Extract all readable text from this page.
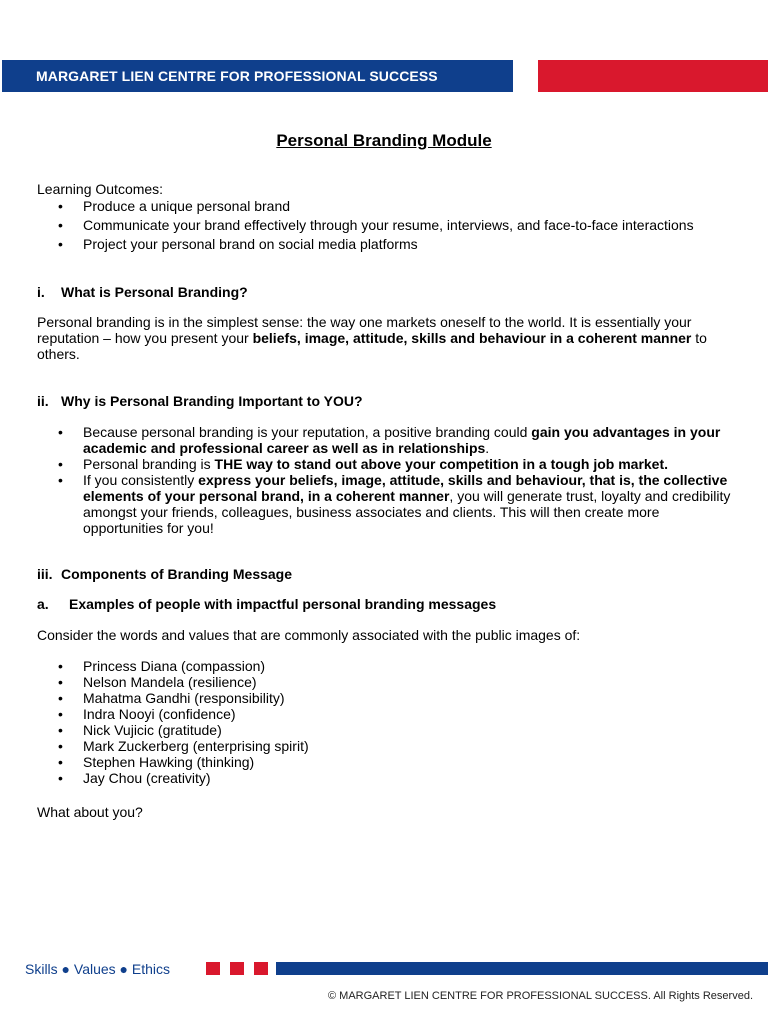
MARGARET LIEN CENTRE FOR PROFESSIONAL SUCCESS
Personal Branding Module
Learning Outcomes:
• Produce a unique personal brand
• Communicate your brand effectively through your resume, interviews, and face-to-face interactions
• Project your personal brand on social media platforms
i. What is Personal Branding?
Personal branding is in the simplest sense: the way one markets oneself to the world. It is essentially your reputation – how you present your beliefs, image, attitude, skills and behaviour in a coherent manner to others.
ii. Why is Personal Branding Important to YOU?
• Because personal branding is your reputation, a positive branding could gain you advantages in your academic and professional career as well as in relationships.
• Personal branding is THE way to stand out above your competition in a tough job market.
• If you consistently express your beliefs, image, attitude, skills and behaviour, that is, the collective elements of your personal brand, in a coherent manner, you will generate trust, loyalty and credibility amongst your friends, colleagues, business associates and clients. This will then create more opportunities for you!
iii. Components of Branding Message
a. Examples of people with impactful personal branding messages
Consider the words and values that are commonly associated with the public images of:
• Princess Diana (compassion)
• Nelson Mandela (resilience)
• Mahatma Gandhi (responsibility)
• Indra Nooyi (confidence)
• Nick Vujicic (gratitude)
• Mark Zuckerberg (enterprising spirit)
• Stephen Hawking (thinking)
• Jay Chou (creativity)
What about you?
Skills ● Values ● Ethics
© MARGARET LIEN CENTRE FOR PROFESSIONAL SUCCESS. All Rights Reserved.
